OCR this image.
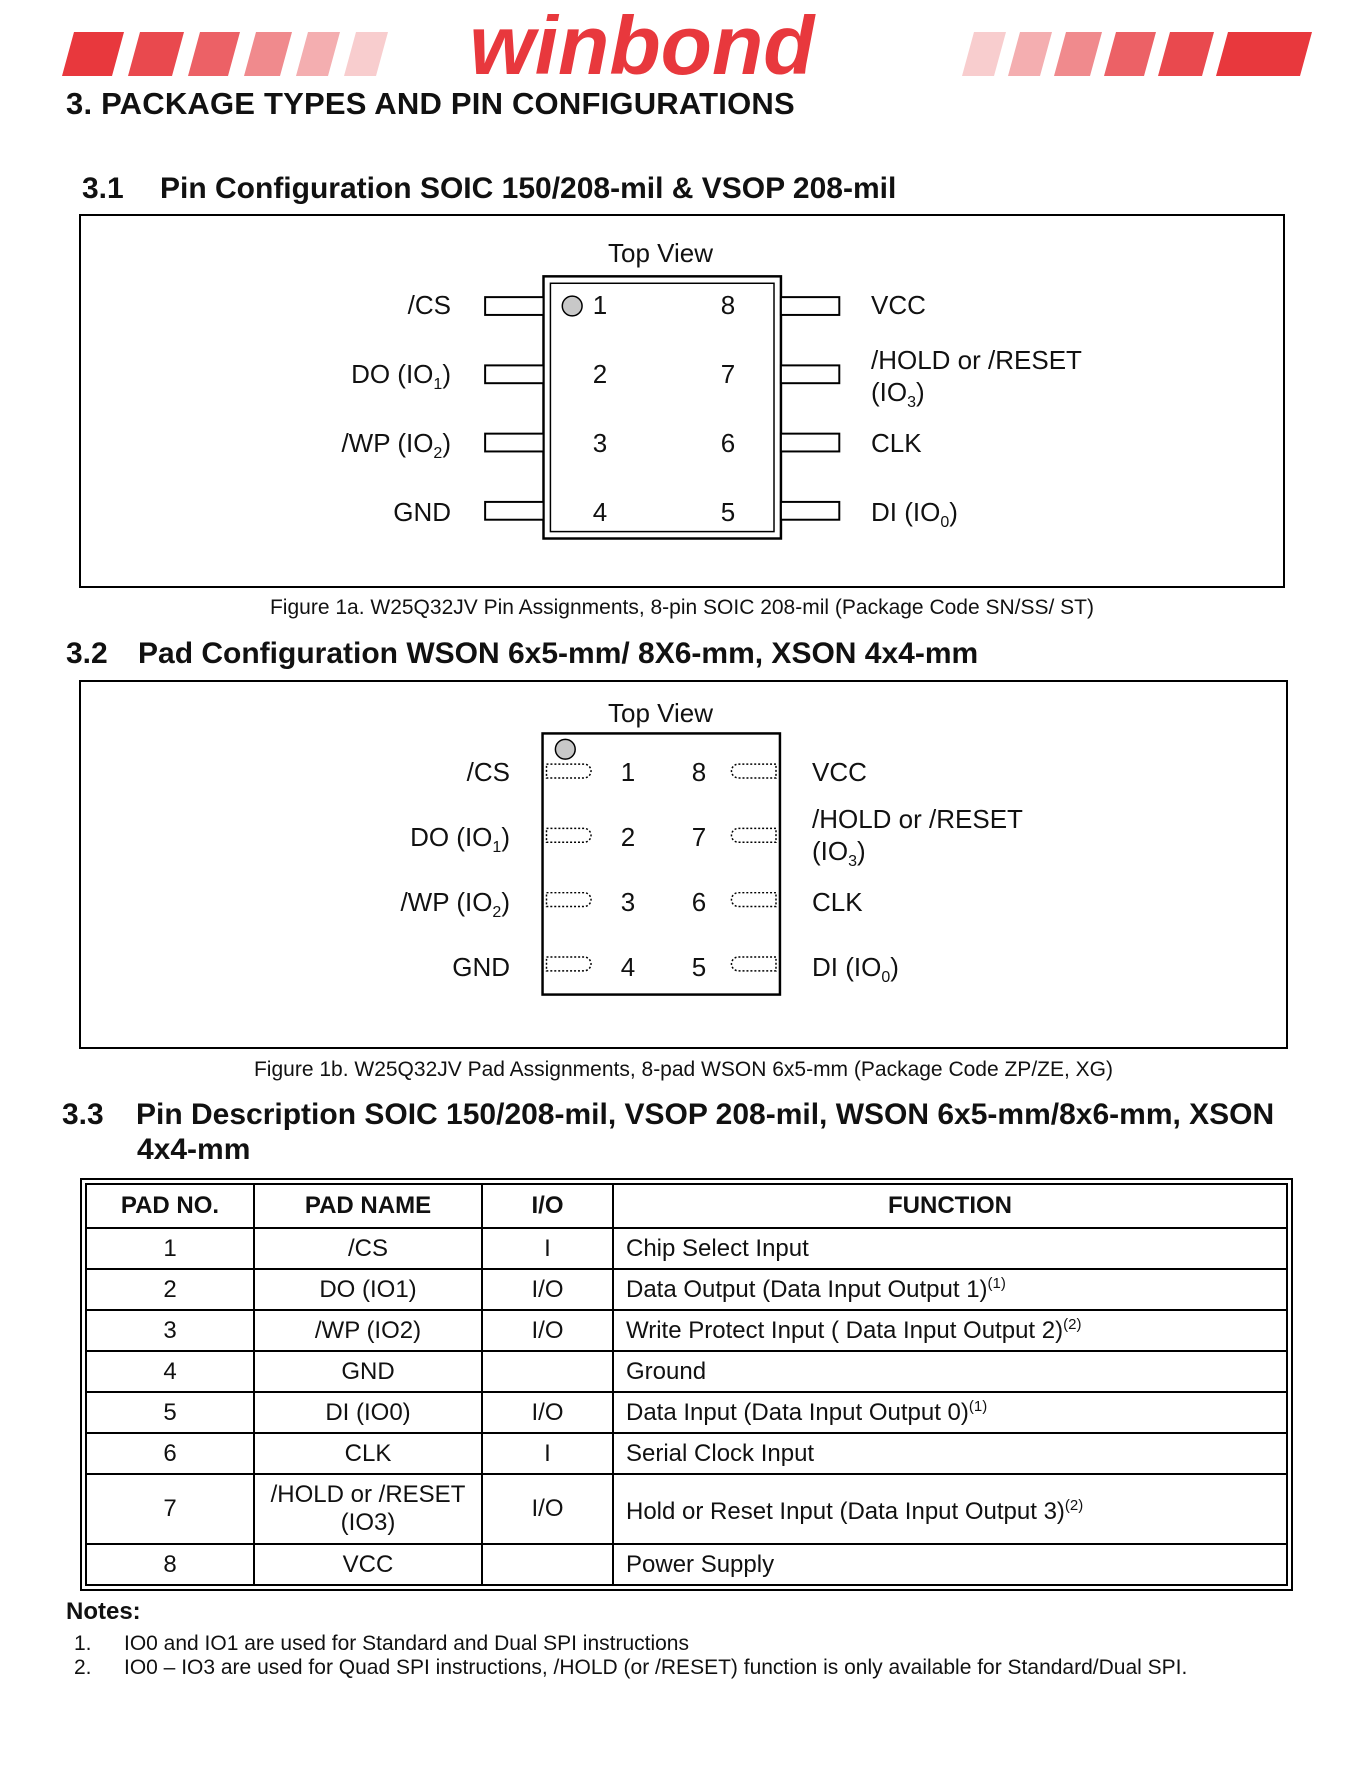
winbond
3. PACKAGE TYPES AND PIN CONFIGURATIONS
3.1 Pin Configuration SOIC 150/208-mil & VSOP 208-mil
Top View
1
2
3
4
8
7
6
5
/CS
DO $(IO_1)$
/WP $(IO_2)$
GND
VCC
/HOLD or /RESET
$(IO_3)$
CLK
DI $(IO_0)$
Figure 1a. W25Q32JV Pin Assignments, 8-pin SOIC 208-mil (Package Code SN/SS/ ST)
3.2 Pad Configuration WSON 6x5-mm/ 8X6-mm, XSON 4x4-mm
Top View
1
2
3
4
8
7
6
5
/CS
DO $(IO_1)$
/WP $(IO_2)$
GND
VCC
/HOLD or /RESET
$(IO_3)$
CLK
DI $(IO_0)$
Figure 1b. W25Q32JV Pad Assignments, 8-pad WSON 6x5-mm (Package Code ZP/ZE, XG)
3.3 Pin Description SOIC 150/208-mil, VSOP 208-mil, WSON 6x5-mm/8x6-mm, XSON
4x4-mm
PAD NO.	PAD NAME	I/O	FUNCTION
1	/CS	I	Chip Select Input
2	DO (IO1)	I/O	Data Output (Data Input Output 1)$^{(1)}$
3	/WP (IO2)	I/O	Write Protect Input ( Data Input Output 2)$^{(2)}$
4	GND		Ground
5	DI (IO0)	I/O	Data Input (Data Input Output 0)$^{(1)}$
6	CLK	I	Serial Clock Input
7	/HOLD or /RESET
(IO3)	I/O	Hold or Reset Input (Data Input Output 3)$^{(2)}$
8	VCC		Power Supply
Notes:
1. IO0 and IO1 are used for Standard and Dual SPI instructions
2. IO0 – IO3 are used for Quad SPI instructions, /HOLD (or /RESET) function is only available for Standard/Dual SPI.
